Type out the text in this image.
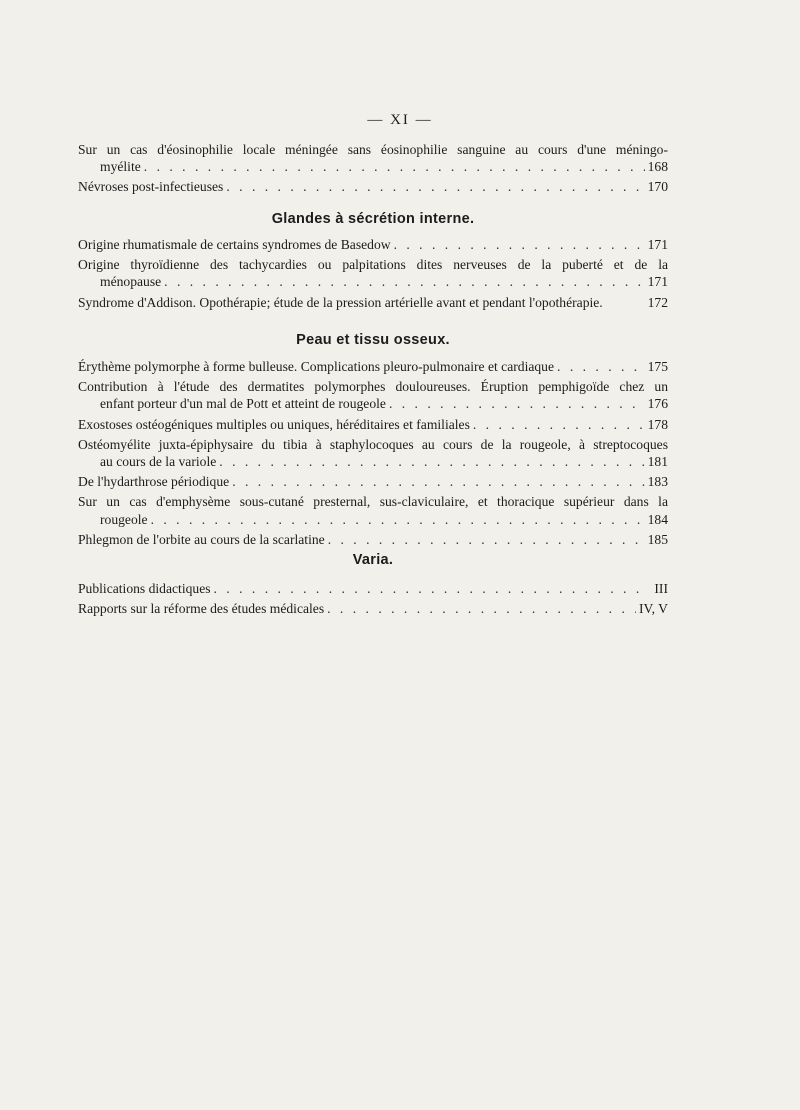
— XI —
Sur un cas d'éosinophilie locale méningée sans éosinophilie sanguine au cours d'une méningo-
myélite . . .	168
Névroses post-infectieuses . . .	170
Glandes à sécrétion interne.
Origine rhumatismale de certains syndromes de Basedow . . .	171
Origine thyroïdienne des tachycardies ou palpitations dites nerveuses de la puberté et de la
ménopause . . .	171
Syndrome d'Addison. Opothérapie; étude de la pression artérielle avant et pendant l'opothérapie.	172
Peau et tissu osseux.
Érythème polymorphe à forme bulleuse. Complications pleuro-pulmonaire et cardiaque . . .	175
Contribution à l'étude des dermatites polymorphes douloureuses. Éruption pemphigoïde chez un
enfant porteur d'un mal de Pott et atteint de rougeole . . .	176
Exostoses ostéogéniques multiples ou uniques, héréditaires et familiales . . .	178
Ostéomyélite juxta-épiphysaire du tibia à staphylocoques au cours de la rougeole, à streptocoques
au cours de la variole . . .	181
De l'hydarthrose périodique . . .	183
Sur un cas d'emphysème sous-cutané presternal, sus-claviculaire, et thoracique supérieur dans la
rougeole . . .	184
Phlegmon de l'orbite au cours de la scarlatine . . .	185
Varia.
Publications didactiques . . .	III
Rapports sur la réforme des études médicales . . .	IV, V
